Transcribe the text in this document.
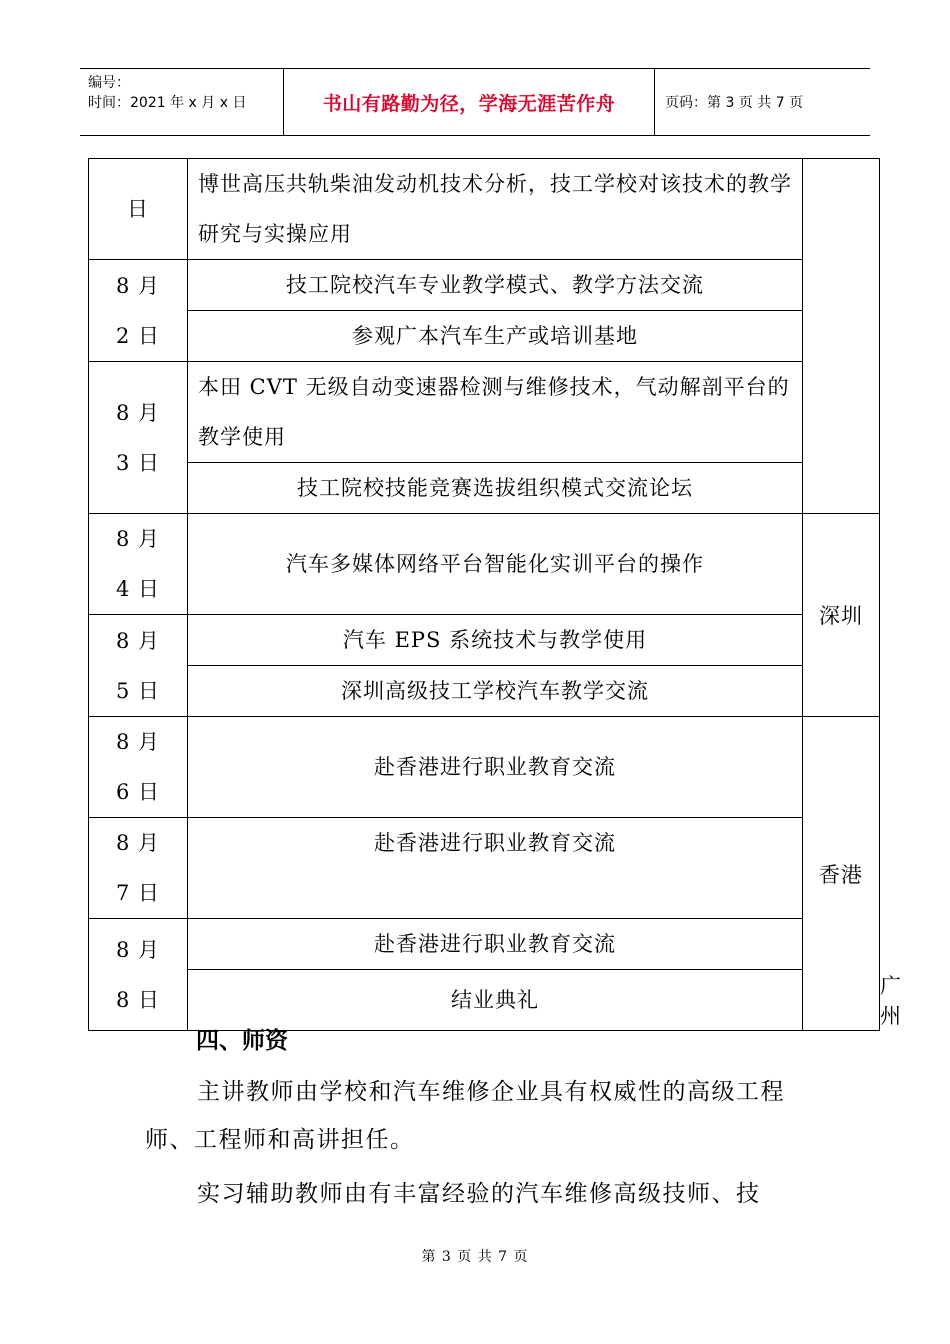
编号：
时间：2021 年 x 月 x 日	书山有路勤为径，学海无涯苦作舟	页码：第 3 页 共 7 页
日	博世高压共轨柴油发动机技术分析，技工学校对该技术的教学研究与实操应用		
8 月 2 日	技工院校汽车专业教学模式、教学方法交流		
	参观广本汽车生产或培训基地		
8 月 3 日	本田 CVT 无级自动变速器检测与维修技术，气动解剖平台的教学使用		
	技工院校技能竞赛选拔组织模式交流论坛		
8 月 4 日	汽车多媒体网络平台智能化实训平台的操作	深圳	
8 月 5 日	汽车 EPS 系统技术与教学使用		
	深圳高级技工学校汽车教学交流		
8 月 6 日	赴香港进行职业教育交流	香港	
8 月 7 日	赴香港进行职业教育交流		
8 月 8 日	赴香港进行职业教育交流		
	结业典礼		广州
四、师资

主讲教师由学校和汽车维修企业具有权威性的高级工程师、工程师和高讲担任。

实习辅助教师由有丰富经验的汽车维修高级技师、技

第 3 页 共 7 页
